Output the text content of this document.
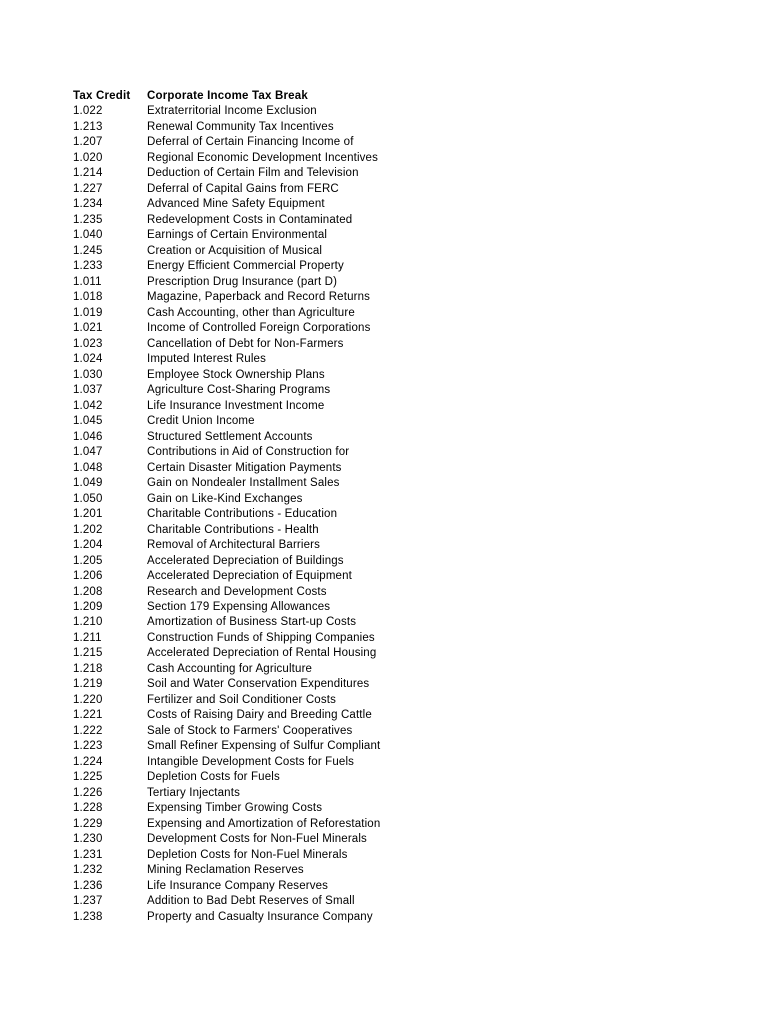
Tax Credit	Corporate Income Tax Break
1.022	Extraterritorial Income Exclusion
1.213	Renewal Community Tax Incentives
1.207	Deferral of Certain Financing Income of
1.020	Regional Economic Development Incentives
1.214	Deduction of Certain Film and Television
1.227	Deferral of Capital Gains from FERC
1.234	Advanced Mine Safety Equipment
1.235	Redevelopment Costs in Contaminated
1.040	Earnings of Certain Environmental
1.245	Creation or Acquisition of Musical
1.233	Energy Efficient Commercial Property
1.011	Prescription Drug Insurance (part D)
1.018	Magazine, Paperback and Record Returns
1.019	Cash Accounting, other than Agriculture
1.021	Income of Controlled Foreign Corporations
1.023	Cancellation of Debt for Non-Farmers
1.024	Imputed Interest Rules
1.030	Employee Stock Ownership Plans
1.037	Agriculture Cost-Sharing Programs
1.042	Life Insurance Investment Income
1.045	Credit Union Income
1.046	Structured Settlement Accounts
1.047	Contributions in Aid of Construction for
1.048	Certain Disaster Mitigation Payments
1.049	Gain on Nondealer Installment Sales
1.050	Gain on Like-Kind Exchanges
1.201	Charitable Contributions - Education
1.202	Charitable Contributions - Health
1.204	Removal of Architectural Barriers
1.205	Accelerated Depreciation of Buildings
1.206	Accelerated Depreciation of Equipment
1.208	Research and Development Costs
1.209	Section 179 Expensing Allowances
1.210	Amortization of Business Start-up Costs
1.211	Construction Funds of Shipping Companies
1.215	Accelerated Depreciation of Rental Housing
1.218	Cash Accounting for Agriculture
1.219	Soil and Water Conservation Expenditures
1.220	Fertilizer and Soil Conditioner Costs
1.221	Costs of Raising Dairy and Breeding Cattle
1.222	Sale of Stock to Farmers' Cooperatives
1.223	Small Refiner Expensing of Sulfur Compliant
1.224	Intangible Development Costs for Fuels
1.225	Depletion Costs for Fuels
1.226	Tertiary Injectants
1.228	Expensing Timber Growing Costs
1.229	Expensing and Amortization of Reforestation
1.230	Development Costs for Non-Fuel Minerals
1.231	Depletion Costs for Non-Fuel Minerals
1.232	Mining Reclamation Reserves
1.236	Life Insurance Company Reserves
1.237	Addition to Bad Debt Reserves of Small
1.238	Property and Casualty Insurance Company
